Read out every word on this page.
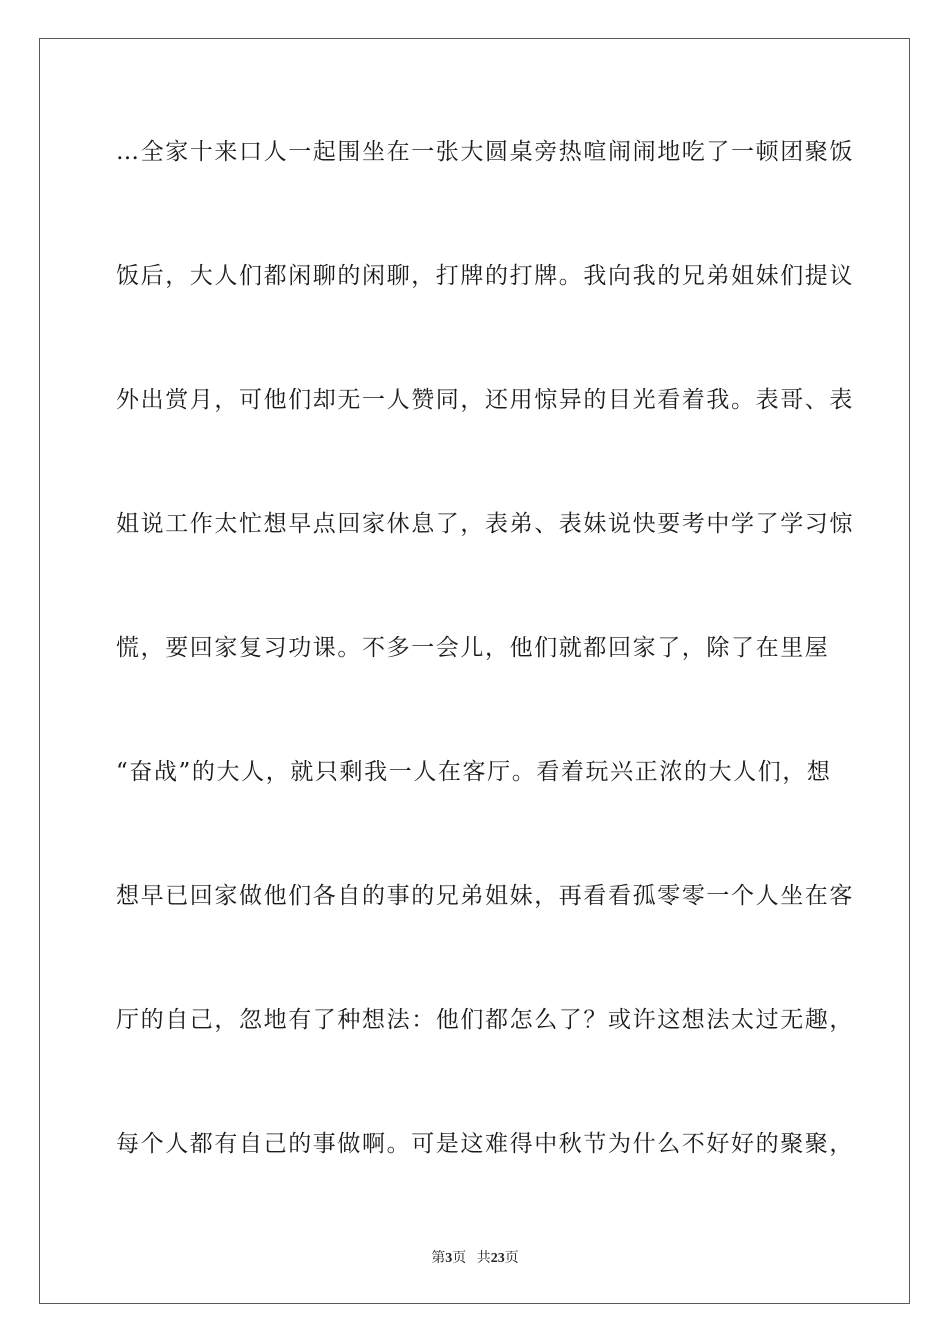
…全家十来口人一起围坐在一张大圆桌旁热喧闹闹地吃了一顿团聚饭
饭后，大人们都闲聊的闲聊，打牌的打牌。我向我的兄弟姐妹们提议
外出赏月，可他们却无一人赞同，还用惊异的目光看着我。表哥、表
姐说工作太忙想早点回家休息了，表弟、表妹说快要考中学了学习惊
慌，要回家复习功课。不多一会儿，他们就都回家了，除了在里屋
“奋战”的大人，就只剩我一人在客厅。看着玩兴正浓的大人们，想
想早已回家做他们各自的事的兄弟姐妹，再看看孤零零一个人坐在客
厅的自己，忽地有了种想法：他们都怎么了？或许这想法太过无趣，
每个人都有自己的事做啊。可是这难得中秋节为什么不好好的聚聚，
第3页 共23页
